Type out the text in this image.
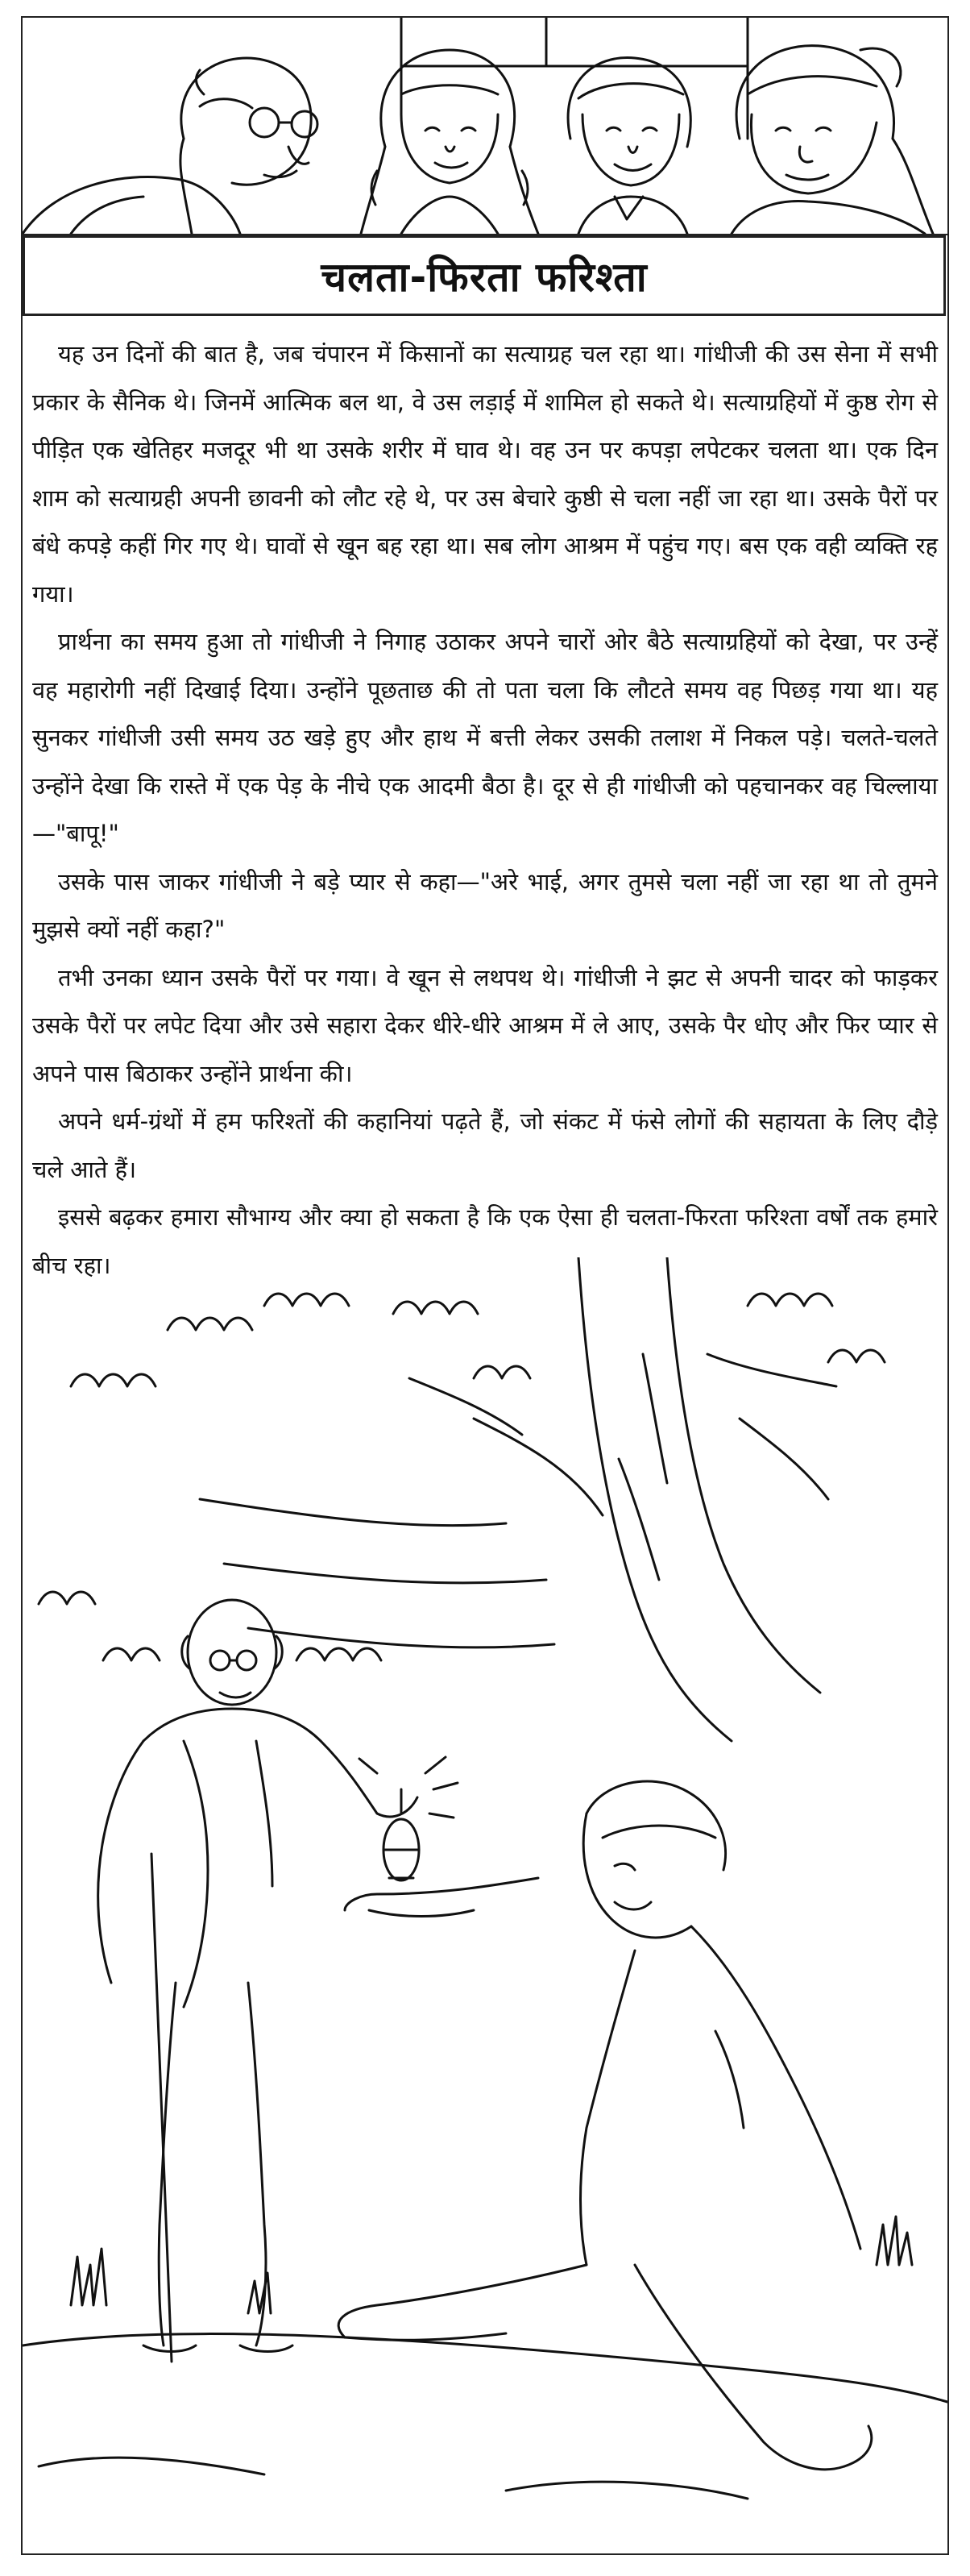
चलता-फिरता फरिश्ता

यह उन दिनों की बात है, जब चंपारन में किसानों का सत्याग्रह चल रहा था। गांधीजी की उस सेना में सभी प्रकार के सैनिक थे। जिनमें आत्मिक बल था, वे उस लड़ाई में शामिल हो सकते थे। सत्याग्रहियों में कुष्ठ रोग से पीड़ित एक खेतिहर मजदूर भी था उसके शरीर में घाव थे। वह उन पर कपड़ा लपेटकर चलता था। एक दिन शाम को सत्याग्रही अपनी छावनी को लौट रहे थे, पर उस बेचारे कुष्ठी से चला नहीं जा रहा था। उसके पैरों पर बंधे कपड़े कहीं गिर गए थे। घावों से खून बह रहा था। सब लोग आश्रम में पहुंच गए। बस एक वही व्यक्ति रह गया।

प्रार्थना का समय हुआ तो गांधीजी ने निगाह उठाकर अपने चारों ओर बैठे सत्याग्रहियों को देखा, पर उन्हें वह महारोगी नहीं दिखाई दिया। उन्होंने पूछताछ की तो पता चला कि लौटते समय वह पिछड़ गया था। यह सुनकर गांधीजी उसी समय उठ खड़े हुए और हाथ में बत्ती लेकर उसकी तलाश में निकल पड़े। चलते-चलते उन्होंने देखा कि रास्ते में एक पेड़ के नीचे एक आदमी बैठा है। दूर से ही गांधीजी को पहचानकर वह चिल्लाया—"बापू!"

उसके पास जाकर गांधीजी ने बड़े प्यार से कहा—"अरे भाई, अगर तुमसे चला नहीं जा रहा था तो तुमने मुझसे क्यों नहीं कहा?"

तभी उनका ध्यान उसके पैरों पर गया। वे खून से लथपथ थे। गांधीजी ने झट से अपनी चादर को फाड़कर उसके पैरों पर लपेट दिया और उसे सहारा देकर धीरे-धीरे आश्रम में ले आए, उसके पैर धोए और फिर प्यार से अपने पास बिठाकर उन्होंने प्रार्थना की।

अपने धर्म-ग्रंथों में हम फरिश्तों की कहानियां पढ़ते हैं, जो संकट में फंसे लोगों की सहायता के लिए दौड़े चले आते हैं।

इससे बढ़कर हमारा सौभाग्य और क्या हो सकता है कि एक ऐसा ही चलता-फिरता फरिश्ता वर्षों तक हमारे बीच रहा।
